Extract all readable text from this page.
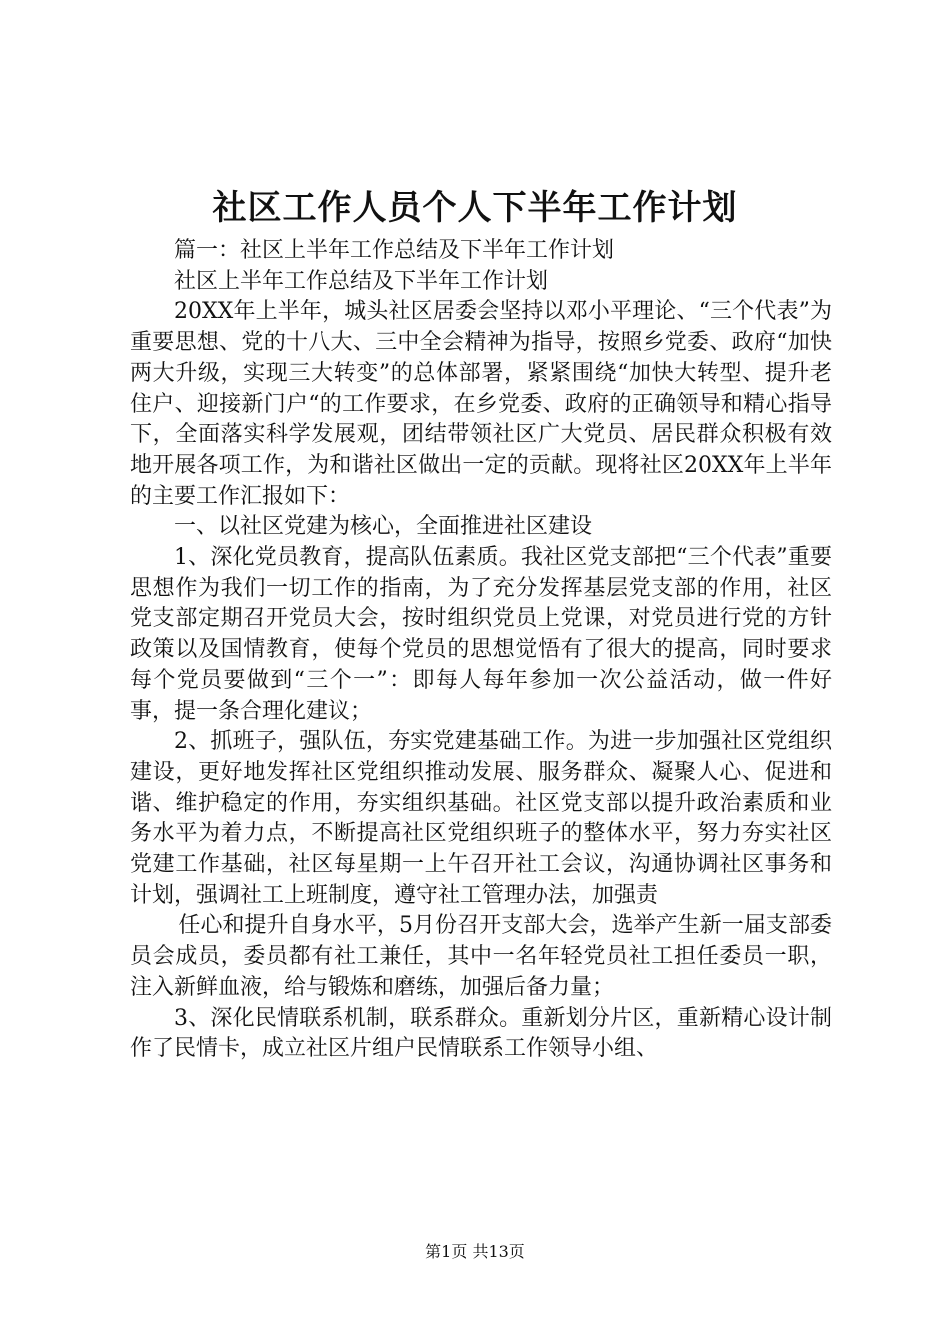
社区工作人员个人下半年工作计划

篇一：社区上半年工作总结及下半年工作计划

社区上半年工作总结及下半年工作计划

20XX年上半年，城头社区居委会坚持以邓小平理论、“三个代表”为重要思想、党的十八大、三中全会精神为指导，按照乡党委、政府“加快两大升级，实现三大转变”的总体部署，紧紧围绕“加快大转型、提升老住户、迎接新门户“的工作要求，在乡党委、政府的正确领导和精心指导下，全面落实科学发展观，团结带领社区广大党员、居民群众积极有效地开展各项工作，为和谐社区做出一定的贡献。现将社区20XX年上半年的主要工作汇报如下：

一、以社区党建为核心，全面推进社区建设

1、深化党员教育，提高队伍素质。我社区党支部把“三个代表”重要思想作为我们一切工作的指南，为了充分发挥基层党支部的作用，社区党支部定期召开党员大会，按时组织党员上党课，对党员进行党的方针政策以及国情教育，使每个党员的思想觉悟有了很大的提高，同时要求每个党员要做到“三个一”：即每人每年参加一次公益活动，做一件好事，提一条合理化建议；

2、抓班子，强队伍，夯实党建基础工作。为进一步加强社区党组织建设，更好地发挥社区党组织推动发展、服务群众、凝聚人心、促进和谐、维护稳定的作用，夯实组织基础。社区党支部以提升政治素质和业务水平为着力点，不断提高社区党组织班子的整体水平，努力夯实社区党建工作基础，社区每星期一上午召开社工会议，沟通协调社区事务和计划，强调社工上班制度，遵守社工管理办法，加强责

任心和提升自身水平，5月份召开支部大会，选举产生新一届支部委员会成员，委员都有社工兼任，其中一名年轻党员社工担任委员一职，注入新鲜血液，给与锻炼和磨练，加强后备力量；

3、深化民情联系机制，联系群众。重新划分片区，重新精心设计制作了民情卡，成立社区片组户民情联系工作领导小组、

第1页 共13页
